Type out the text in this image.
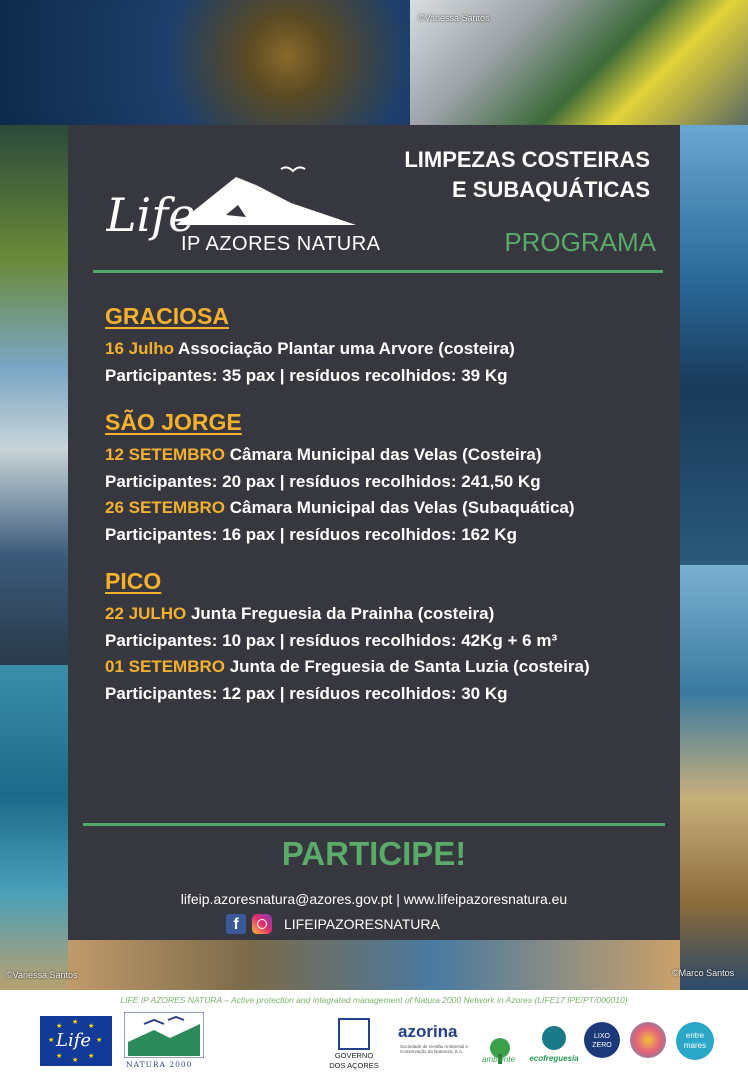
©Vanessa Santos
©Vanessa Santos	©Marco Santos
Life
IP AZORES NATURA
LIMPEZAS COSTEIRAS
E SUBAQUÁTICAS
PROGRAMA
GRACIOSA
16 Julho Associação Plantar uma Arvore (costeira)
Participantes: 35 pax | resíduos recolhidos: 39 Kg
SÃO JORGE
12 SETEMBRO Câmara Municipal das Velas (Costeira)
Participantes: 20 pax | resíduos recolhidos: 241,50 Kg
26 SETEMBRO Câmara Municipal das Velas (Subaquática)
Participantes: 16 pax | resíduos recolhidos: 162 Kg
PICO
22 JULHO Junta Freguesia da Prainha (costeira)
Participantes: 10 pax | resíduos recolhidos: 42Kg + 6 m³
01 SETEMBRO Junta de Freguesia de Santa Luzia (costeira)
Participantes: 12 pax | resíduos recolhidos: 30 Kg
PARTICIPE!
lifeip.azoresnatura@azores.gov.pt | www.lifeipazoresnatura.eu
f	LIFEIPAZORESNATURA
LIFE IP AZORES NATURA – Active protection and integrated management of Natura 2000 Network in Azores (LIFE17 IPE/PT/000010)
★
★
★
★
★
★
★
★
Life
NATURA 2000
GOVERNO
DOS AÇORES
azorina
Sociedade de Gestão Ambiental e Conservação da Natureza, S.A.
ambiente ecofreguesia
LIXO ZERO
entre mares
